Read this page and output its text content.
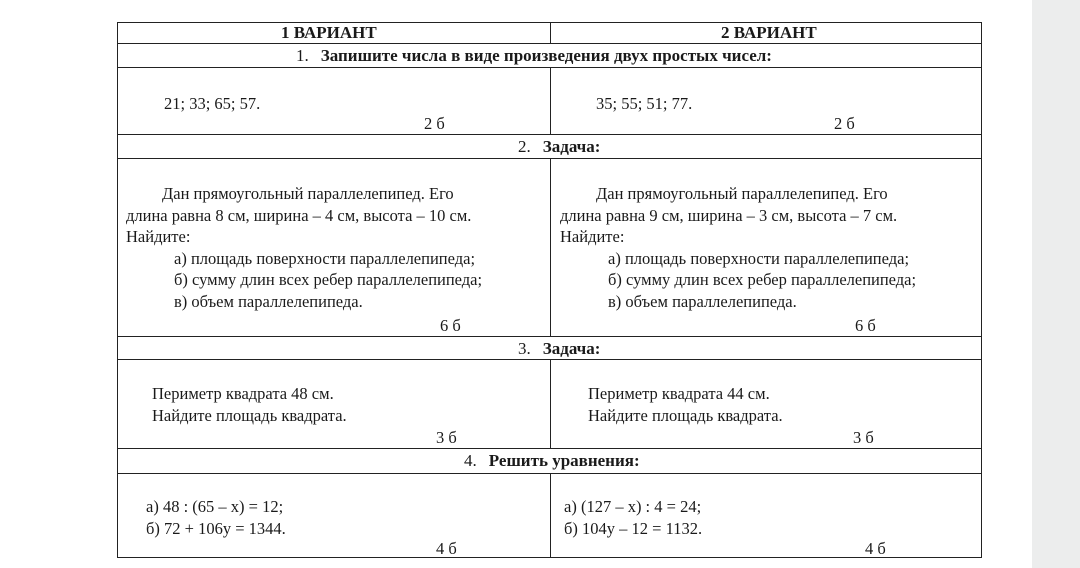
1 ВАРИАНТ	2 ВАРИАНТ
1. Запишите числа в виде произведения двух простых чисел:
21; 33; 65; 57.
2 б
35; 55; 51; 77.
2 б
2. Задача:
Дан прямоугольный параллелепипед. Его
длина равна 8 см, ширина – 4 см, высота – 10 см.
Найдите:
а) площадь поверхности параллелепипеда;
б) сумму длин всех ребер параллелепипеда;
в) объем параллелепипеда.
6 б
Дан прямоугольный параллелепипед. Его
длина равна 9 см, ширина – 3 см, высота – 7 см.
Найдите:
а) площадь поверхности параллелепипеда;
б) сумму длин всех ребер параллелепипеда;
в) объем параллелепипеда.
6 б
3. Задача:
Периметр квадрата 48 см.
Найдите площадь квадрата.
3 б
Периметр квадрата 44 см.
Найдите площадь квадрата.
3 б
4. Решить уравнения:
а) 48 : (65 – x) = 12;
б) 72 + 106y = 1344.
4 б
а) (127 – x) : 4 = 24;
б) 104y – 12 = 1132.
4 б
